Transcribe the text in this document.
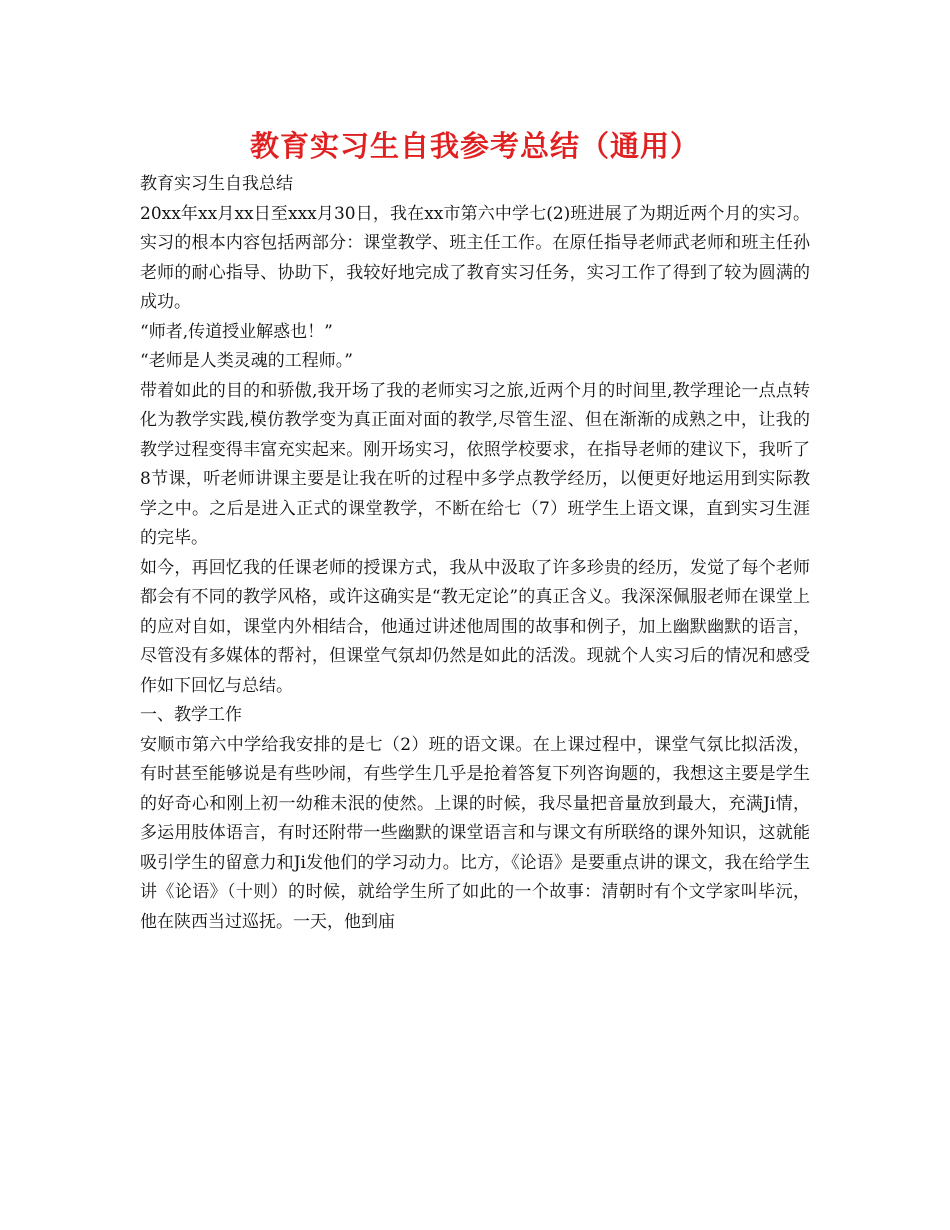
教育实习生自我参考总结（通用）

教育实习生自我总结

20xx年xx月xx日至xxx月30日，我在xx市第六中学七(2)班进展了为期近两个月的实习。实习的根本内容包括两部分：课堂教学、班主任工作。在原任指导老师武老师和班主任孙老师的耐心指导、协助下，我较好地完成了教育实习任务，实习工作了得到了较为圆满的成功。

“师者,传道授业解惑也！”

“老师是人类灵魂的工程师。”

带着如此的目的和骄傲,我开场了我的老师实习之旅,近两个月的时间里,教学理论一点点转化为教学实践,模仿教学变为真正面对面的教学,尽管生涩、但在渐渐的成熟之中，让我的教学过程变得丰富充实起来。刚开场实习，依照学校要求，在指导老师的建议下，我听了8节课，听老师讲课主要是让我在听的过程中多学点教学经历，以便更好地运用到实际教学之中。之后是进入正式的课堂教学，不断在给七（7）班学生上语文课，直到实习生涯的完毕。

如今，再回忆我的任课老师的授课方式，我从中汲取了许多珍贵的经历，发觉了每个老师都会有不同的教学风格，或许这确实是“教无定论”的真正含义。我深深佩服老师在课堂上的应对自如，课堂内外相结合，他通过讲述他周围的故事和例子，加上幽默幽默的语言，尽管没有多媒体的帮衬，但课堂气氛却仍然是如此的活泼。现就个人实习后的情况和感受作如下回忆与总结。

一、教学工作

安顺市第六中学给我安排的是七（2）班的语文课。在上课过程中，课堂气氛比拟活泼，有时甚至能够说是有些吵闹，有些学生几乎是抢着答复下列咨询题的，我想这主要是学生的好奇心和刚上初一幼稚未泯的使然。上课的时候，我尽量把音量放到最大，充满Ji情，多运用肢体语言，有时还附带一些幽默的课堂语言和与课文有所联络的课外知识，这就能吸引学生的留意力和Ji发他们的学习动力。比方，《论语》是要重点讲的课文，我在给学生讲《论语》（十则）的时候，就给学生所了如此的一个故事：清朝时有个文学家叫毕沅，他在陕西当过巡抚。一天，他到庙
